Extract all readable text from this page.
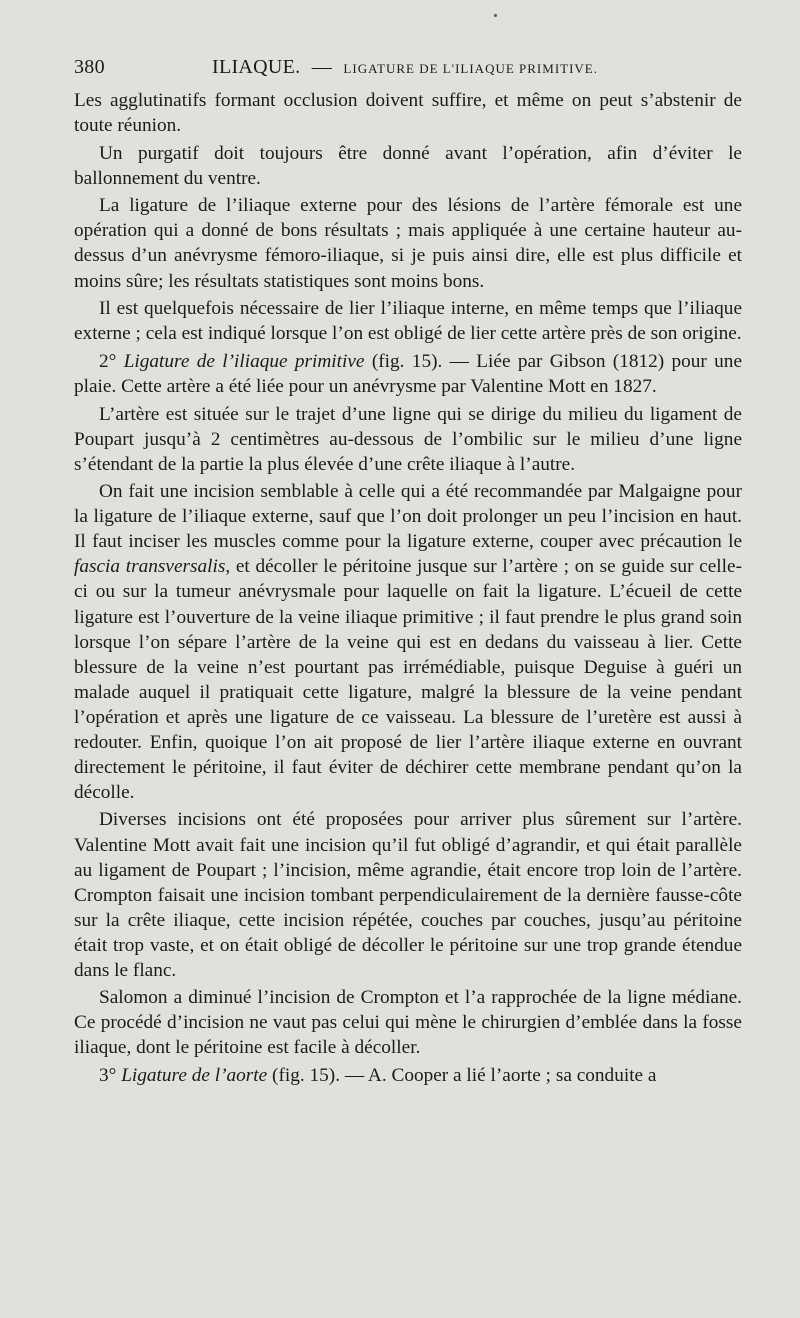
380	ILIAQUE. — LIGATURE DE L'ILIAQUE PRIMITIVE.

Les agglutinatifs formant occlusion doivent suffire, et même on peut s’abstenir de toute réunion.

Un purgatif doit toujours être donné avant l’opération, afin d’éviter le ballonnement du ventre.

La ligature de l’iliaque externe pour des lésions de l’artère fémorale est une opération qui a donné de bons résultats ; mais appliquée à une certaine hauteur au-dessus d’un anévrysme fémoro-iliaque, si je puis ainsi dire, elle est plus difficile et moins sûre; les résultats statistiques sont moins bons.

Il est quelquefois nécessaire de lier l’iliaque interne, en même temps que l’iliaque externe ; cela est indiqué lorsque l’on est obligé de lier cette artère près de son origine.

2° Ligature de l’iliaque primitive (fig. 15). — Liée par Gibson (1812) pour une plaie. Cette artère a été liée pour un anévrysme par Valentine Mott en 1827.

L’artère est située sur le trajet d’une ligne qui se dirige du milieu du ligament de Poupart jusqu’à 2 centimètres au-dessous de l’ombilic sur le milieu d’une ligne s’étendant de la partie la plus élevée d’une crête iliaque à l’autre.

On fait une incision semblable à celle qui a été recommandée par Malgaigne pour la ligature de l’iliaque externe, sauf que l’on doit prolonger un peu l’incision en haut. Il faut inciser les muscles comme pour la ligature externe, couper avec précaution le fascia transversalis, et décoller le péritoine jusque sur l’artère ; on se guide sur celle-ci ou sur la tumeur anévrysmale pour laquelle on fait la ligature. L’écueil de cette ligature est l’ouverture de la veine iliaque primitive ; il faut prendre le plus grand soin lorsque l’on sépare l’artère de la veine qui est en dedans du vaisseau à lier. Cette blessure de la veine n’est pourtant pas irrémédiable, puisque Deguise à guéri un malade auquel il pratiquait cette ligature, malgré la blessure de la veine pendant l’opération et après une ligature de ce vaisseau. La blessure de l’uretère est aussi à redouter. Enfin, quoique l’on ait proposé de lier l’artère iliaque externe en ouvrant directement le péritoine, il faut éviter de déchirer cette membrane pendant qu’on la décolle.

Diverses incisions ont été proposées pour arriver plus sûrement sur l’artère. Valentine Mott avait fait une incision qu’il fut obligé d’agrandir, et qui était parallèle au ligament de Poupart ; l’incision, même agrandie, était encore trop loin de l’artère. Crompton faisait une incision tombant perpendiculairement de la dernière fausse-côte sur la crête iliaque, cette incision répétée, couches par couches, jusqu’au péritoine était trop vaste, et on était obligé de décoller le péritoine sur une trop grande étendue dans le flanc.

Salomon a diminué l’incision de Crompton et l’a rapprochée de la ligne médiane. Ce procédé d’incision ne vaut pas celui qui mène le chirurgien d’emblée dans la fosse iliaque, dont le péritoine est facile à décoller.

3° Ligature de l’aorte (fig. 15). — A. Cooper a lié l’aorte ; sa conduite a
